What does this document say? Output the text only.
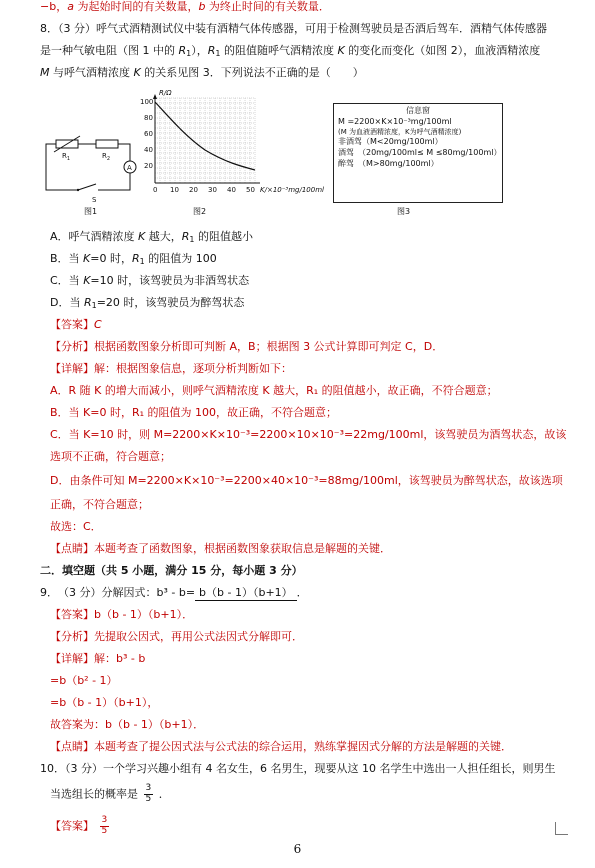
−b，a 为起始时间的有关数量，b 为终止时间的有关数量．
8．（3 分）呼气式酒精测试仪中装有酒精气体传感器，可用于检测驾驶员是否酒后驾车．酒精气体传感器
是一种气敏电阻（图 1 中的 $R_1$），$R_1$ 的阻值随呼气酒精浓度 K 的变化而变化（如图 2），血液酒精浓度
M 与呼气酒精浓度 K 的关系见图 3．下列说法不正确的是（　　）
$R_1$	$R_2$
A
S
图1
R/Ω
100
80
60
40
20
0 10 20 30 40 50 K/×10⁻³mg/100ml
图2
信息窗
M =2200×K×10⁻³mg/100ml
(M 为血液酒精浓度，K为呼气酒精浓度)
非酒驾（M<20mg/100ml）
酒驾　（20mg/100ml≤ M ≤80mg/100ml）
醉驾　（M>80mg/100ml）
图3
A．呼气酒精浓度 K 越大，$R_1$ 的阻值越小
B．当 K=0 时，$R_1$ 的阻值为 100
C．当 K=10 时，该驾驶员为非酒驾状态
D．当 $R_1=20$ 时，该驾驶员为醉驾状态
【答案】C
【分析】根据函数图象分析即可判断 A，B；根据图 3 公式计算即可判定 C，D．
【详解】解：根据图象信息，逐项分析判断如下：
A．R 随 K 的增大而减小，则呼气酒精浓度 K 越大，R₁ 的阻值越小，故正确，不符合题意；
B．当 K=0 时，R₁ 的阻值为 100，故正确，不符合题意；
C．当 K=10 时，则 M=2200×K×10⁻³=2200×10×10⁻³=22mg/100ml，该驾驶员为酒驾状态，故该
选项不正确，符合题意；
D．由条件可知 M=2200×K×10⁻³=2200×40×10⁻³=88mg/100ml，该驾驶员为醉驾状态，故该选项
正确，不符合题意；
故选：C．
【点睛】本题考查了函数图象，根据函数图象获取信息是解题的关键．
二．填空题（共 5 小题，满分 15 分，每小题 3 分）
9．　（3 分）分解因式：b³ - b= b（b - 1）（b+1） ．
【答案】b（b - 1）（b+1）．
【分析】先提取公因式，再用公式法因式分解即可．
【详解】解：b³ - b
=b（b² - 1）
=b（b - 1）（b+1），
故答案为：b（b - 1）（b+1）．
【点睛】本题考查了提公因式法与公式法的综合运用，熟练掌握因式分解的方法是解题的关键．
10．（3 分）一个学习兴趣小组有 4 名女生，6 名男生，现要从这 10 名学生中选出一人担任组长，则男生
当选组长的概率是 $\frac{3}{5}$ ．
【答案】 $\frac{3}{5}$
6
